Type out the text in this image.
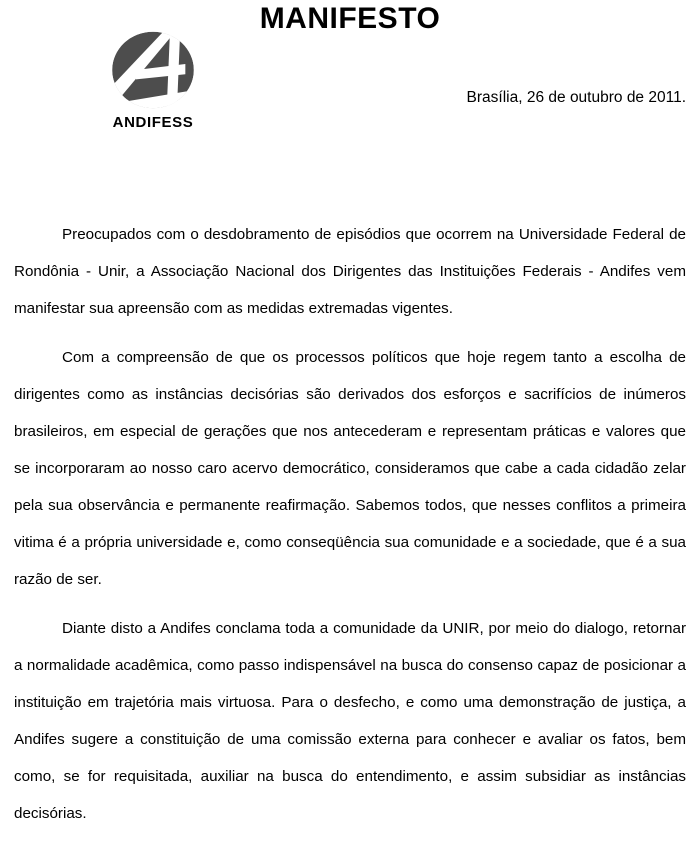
MANIFESTO
ANDIFESS
Brasília, 26 de outubro de 2011.

Preocupados com o desdobramento de episódios que ocorrem na Universidade Federal de Rondônia - Unir, a Associação Nacional dos Dirigentes das Instituições Federais - Andifes vem manifestar sua apreensão com as medidas extremadas vigentes.

Com a compreensão de que os processos políticos que hoje regem tanto a escolha de dirigentes como as instâncias decisórias são derivados dos esforços e sacrifícios de inúmeros brasileiros, em especial de gerações que nos antecederam e representam práticas e valores que se incorporaram ao nosso caro acervo democrático, consideramos que cabe a cada cidadão zelar pela sua observância e permanente reafirmação. Sabemos todos, que nesses conflitos a primeira vitima é a própria universidade e, como conseqüência sua comunidade e a sociedade, que é a sua razão de ser.

Diante disto a Andifes conclama toda a comunidade da UNIR, por meio do dialogo, retornar a normalidade acadêmica, como passo indispensável na busca do consenso capaz de posicionar a instituição em trajetória mais virtuosa. Para o desfecho, e como uma demonstração de justiça, a Andifes sugere a constituição de uma comissão externa para conhecer e avaliar os fatos, bem como, se for requisitada, auxiliar na busca do entendimento, e assim subsidiar as instâncias decisórias.
